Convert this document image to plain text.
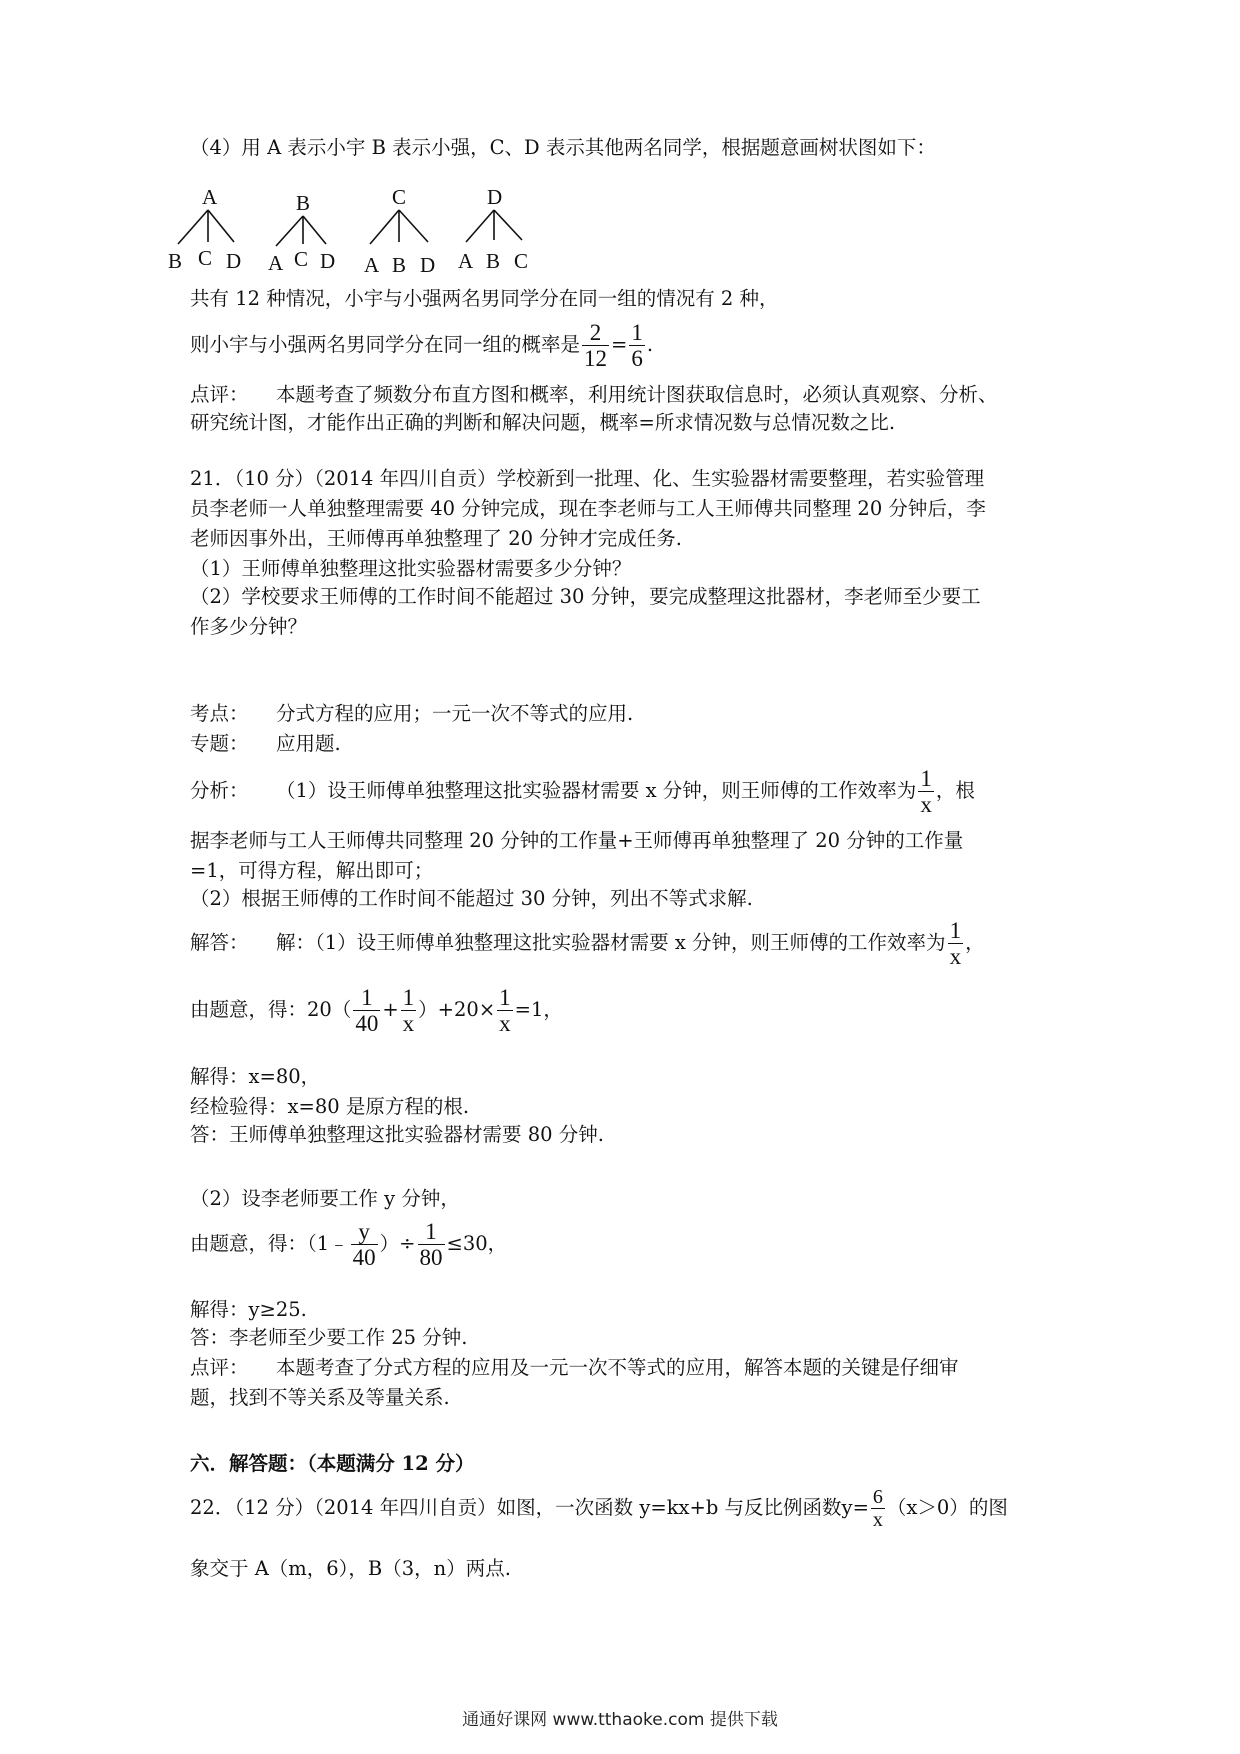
（4）用 A 表示小宇 B 表示小强，C、D 表示其他两名同学，根据题意画树状图如下：
A
B C D
B
A C D
C
A B D
D
A B C
共有 12 种情况，小宇与小强两名男同学分在同一组的情况有 2 种，
则小宇与小强两名男同学分在同一组的概率是 $\frac{2}{12} = \frac{1}{6}$ .
点评： 本题考查了频数分布直方图和概率，利用统计图获取信息时，必须认真观察、分析、
研究统计图，才能作出正确的判断和解决问题，概率=所求情况数与总情况数之比.
21．（10 分）（2014 年四川自贡）学校新到一批理、化、生实验器材需要整理，若实验管理
员李老师一人单独整理需要 40 分钟完成，现在李老师与工人王师傅共同整理 20 分钟后，李
老师因事外出，王师傅再单独整理了 20 分钟才完成任务.
（1）王师傅单独整理这批实验器材需要多少分钟？
（2）学校要求王师傅的工作时间不能超过 30 分钟，要完成整理这批器材，李老师至少要工
作多少分钟？
考点： 分式方程的应用；一元一次不等式的应用.
专题： 应用题.
分析： （1）设王师傅单独整理这批实验器材需要 x 分钟，则王师傅的工作效率为 $\frac{1}{x}$ ，根
据李老师与工人王师傅共同整理 20 分钟的工作量+王师傅再单独整理了 20 分钟的工作量
=1，可得方程，解出即可；
（2）根据王师傅的工作时间不能超过 30 分钟，列出不等式求解.
解答： 解：（1）设王师傅单独整理这批实验器材需要 x 分钟，则王师傅的工作效率为 $\frac{1}{x}$ ，
由题意，得：$20( \frac{1}{40} + \frac{1}{x} )+20\times \frac{1}{x} =1$，
解得：x=80，
经检验得：x=80 是原方程的根.
答：王师傅单独整理这批实验器材需要 80 分钟.
（2）设李老师要工作 y 分钟，
由题意，得：（1﹣ $\frac{y}{40}$ ）÷ $\frac{1}{80} \le 30$，
解得：y≥25.
答：李老师至少要工作 25 分钟.
点评： 本题考查了分式方程的应用及一元一次不等式的应用，解答本题的关键是仔细审
题，找到不等关系及等量关系.
六．解答题：（本题满分 12 分）
22．（12 分）（2014 年四川自贡）如图，一次函数 y=kx+b 与反比例函数$y= \frac{6}{x} (x>0)$的图
象交于 A（m，6），B（3，n）两点.
通通好课网 www.tthaoke.com 提供下载
